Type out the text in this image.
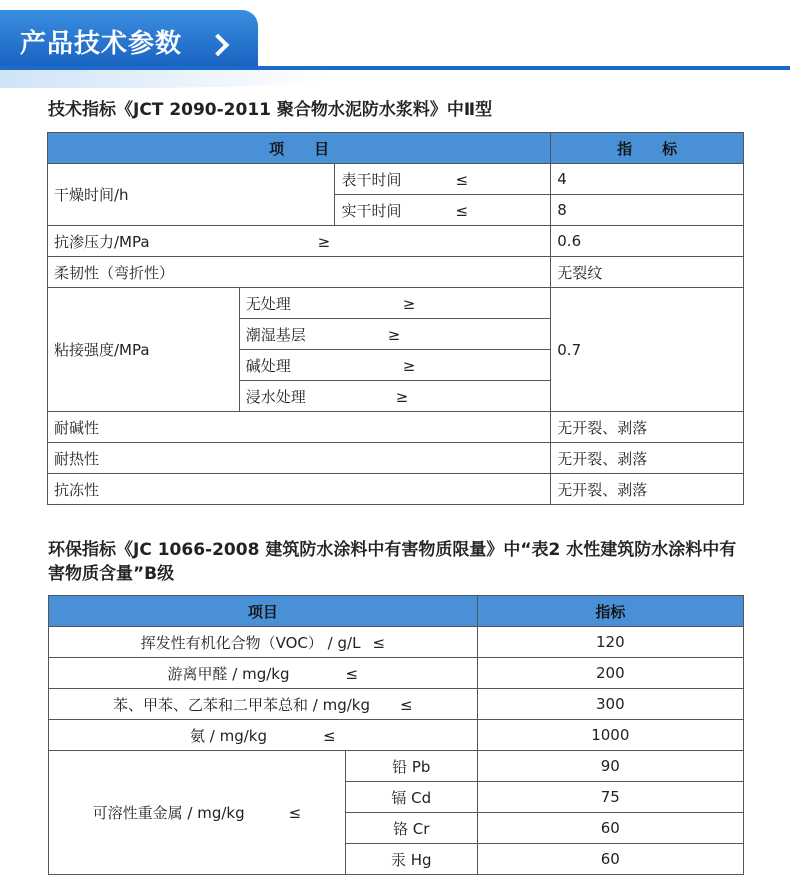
产品技术参数
技术指标《JCT 2090-2011 聚合物水泥防水浆料》中Ⅱ型
项　　目			指　　标
干燥时间/h		表干时间 ≤	4
		实干时间 ≤	8
抗渗压力/MPa ≥			0.6
柔韧性（弯折性）			无裂纹
粘接强度/MPa	无处理 ≥		0.7
	潮湿基层 ≥		
	碱处理 ≥		
	浸水处理 ≥		
耐碱性			无开裂、剥落
耐热性			无开裂、剥落
抗冻性			无开裂、剥落
环保指标《JC 1066-2008 建筑防水涂料中有害物质限量》中“表2 水性建筑防水涂料中有害物质含量”B级
项目		指标
挥发性有机化合物（VOC） / g/L ≤		120
游离甲醛 / mg/kg ≤		200
苯、甲苯、乙苯和二甲苯总和 / mg/kg ≤		300
氨 / mg/kg ≤		1000
可溶性重金属 / mg/kg ≤	铅 Pb	90
	镉 Cd	75
	铬 Cr	60
	汞 Hg	60
